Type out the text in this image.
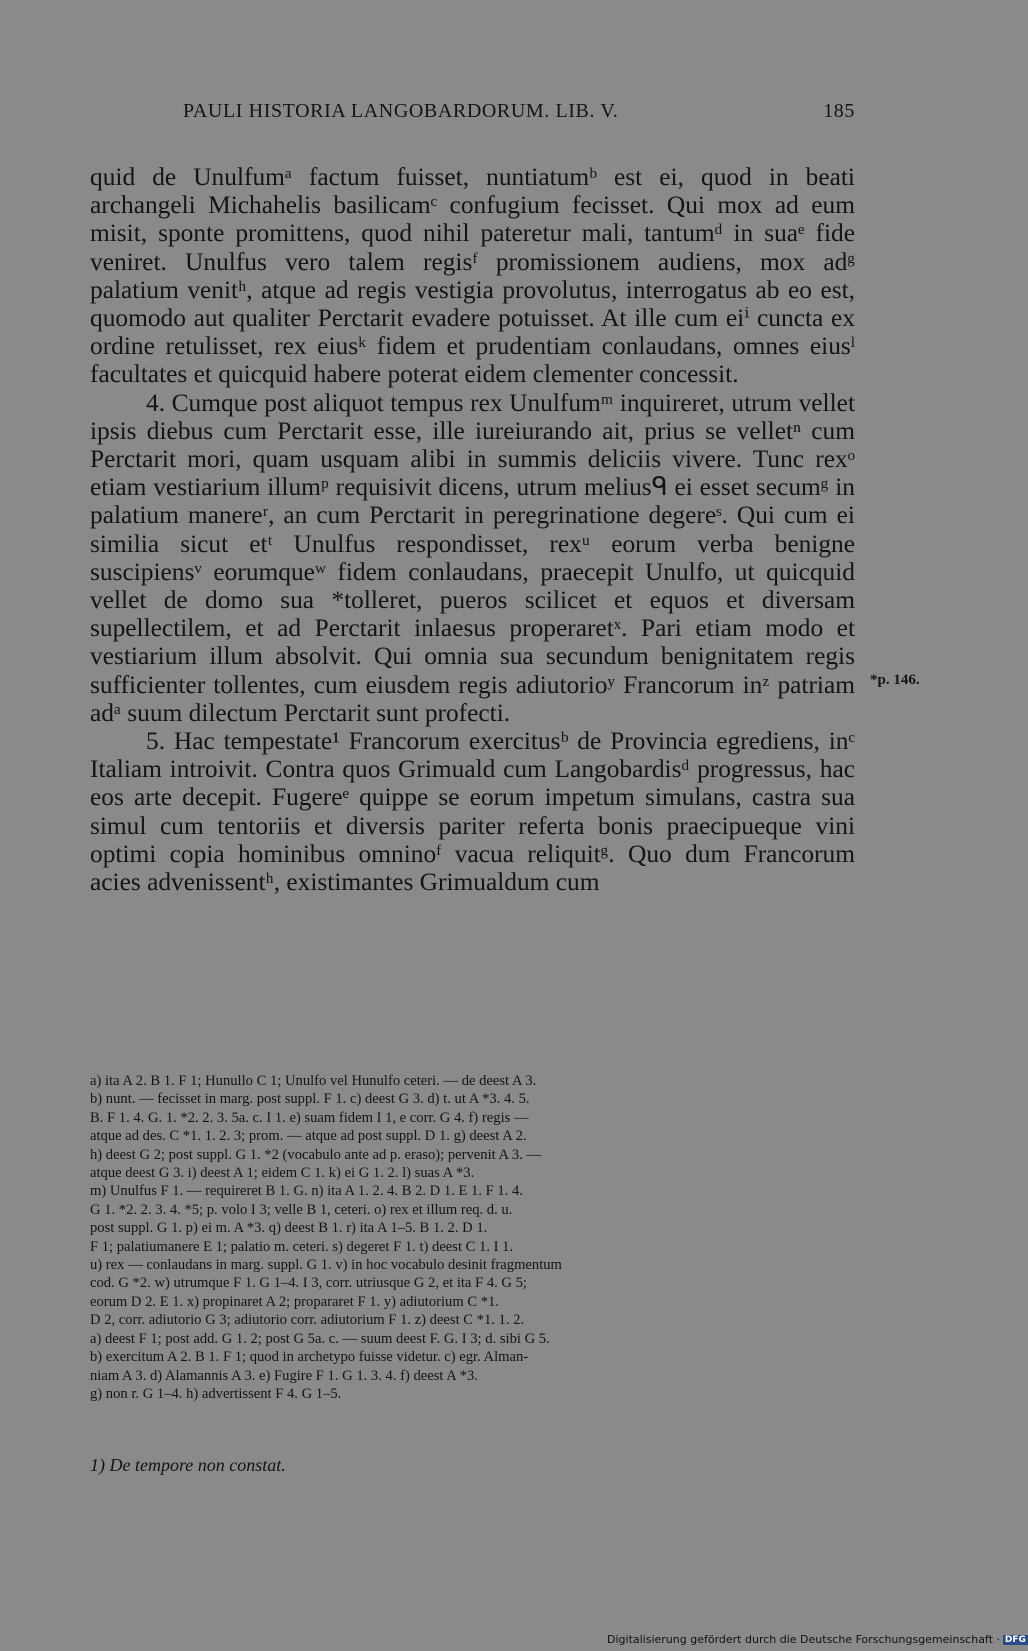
PAULI HISTORIA LANGOBARDORUM. LIB. V.	185

quid de Unulfumᵃ factum fuisset, nuntiatumᵇ est ei, quod in beati archangeli Michahelis basilicamᶜ confugium fecisset. Qui mox ad eum misit, sponte promittens, quod nihil pateretur mali, tantumᵈ in suaᵉ fide veniret. Unulfus vero talem regisᶠ promissionem audiens, mox adᵍ palatium venitʰ, atque ad regis vestigia provolutus, interrogatus ab eo est, quomodo aut qualiter Perctarit evadere potuisset. At ille cum eiⁱ cuncta ex ordine retulisset, rex eiusᵏ fidem et prudentiam conlaudans, omnes eiusˡ facultates et quicquid habere poterat eidem clementer concessit.

4. Cumque post aliquot tempus rex Unulfumᵐ inquireret, utrum vellet ipsis diebus cum Perctarit esse, ille iureiurando ait, prius se velletⁿ cum Perctarit mori, quam usquam alibi in summis deliciis vivere. Tunc rexᵒ etiam vestiarium illumᵖ requisivit dicens, utrum meliusᑫ ei esset secumᵍ in palatium manereʳ, an cum Perctarit in peregrinatione degereˢ. Qui cum ei similia sicut etᵗ Unulfus respondisset, rexᵘ eorum verba benigne suscipiensᵛ eorumqueʷ fidem conlaudans, praecepit Unulfo, ut quicquid vellet de domo sua *tolleret, pueros scilicet et equos et diversam supellectilem, et ad Perctarit inlaesus properaretˣ. Pari etiam modo et vestiarium illum absolvit. Qui omnia sua secundum benignitatem regis sufficienter tollentes, cum eiusdem regis adiutorioʸ Francorum inᶻ patriam adᵃ suum dilectum Perctarit sunt profecti.

5. Hac tempestate¹ Francorum exercitusᵇ de Provincia egrediens, inᶜ Italiam introivit. Contra quos Grimuald cum Langobardisᵈ progressus, hac eos arte decepit. Fugereᵉ quippe se eorum impetum simulans, castra sua simul cum tentoriis et diversis pariter referta bonis praecipueque vini optimi copia hominibus omninoᶠ vacua reliquitᵍ. Quo dum Francorum acies advenissentʰ, existimantes Grimualdum cum

*p. 146.

a) ita A 2. B 1. F 1; Hunullo C 1; Unulfo vel Hunulfo ceteri. — de deest A 3.

b) nunt. — fecisset in marg. post suppl. F 1. c) deest G 3. d) t. ut A *3. 4. 5.

B. F 1. 4. G. 1. *2. 2. 3. 5a. c. I 1. e) suam fidem I 1, e corr. G 4. f) regis —

atque ad des. C *1. 1. 2. 3; prom. — atque ad post suppl. D 1. g) deest A 2.

h) deest G 2; post suppl. G 1. *2 (vocabulo ante ad p. eraso); pervenit A 3. —

atque deest G 3. i) deest A 1; eidem C 1. k) ei G 1. 2. l) suas A *3.

m) Unulfus F 1. — requireret B 1. G. n) ita A 1. 2. 4. B 2. D 1. E 1. F 1. 4.

G 1. *2. 2. 3. 4. *5; p. volo I 3; velle B 1, ceteri. o) rex et illum req. d. u.

post suppl. G 1. p) ei m. A *3. q) deest B 1. r) ita A 1–5. B 1. 2. D 1.

F 1; palatiumanere E 1; palatio m. ceteri. s) degeret F 1. t) deest C 1. I 1.

u) rex — conlaudans in marg. suppl. G 1. v) in hoc vocabulo desinit fragmentum

cod. G *2. w) utrumque F 1. G 1–4. I 3, corr. utriusque G 2, et ita F 4. G 5;

eorum D 2. E 1. x) propinaret A 2; propararet F 1. y) adiutorium C *1.

D 2, corr. adiutorio G 3; adiutorio corr. adiutorium F 1. z) deest C *1. 1. 2.

a) deest F 1; post add. G 1. 2; post G 5a. c. — suum deest F. G. I 3; d. sibi G 5.

b) exercitum A 2. B 1. F 1; quod in archetypo fuisse videtur. c) egr. Alman-

niam A 3. d) Alamannis A 3. e) Fugire F 1. G 1. 3. 4. f) deest A *3.

g) non r. G 1–4. h) advertissent F 4. G 1–5.

1) De tempore non constat.
Digitalisierung gefördert durch die Deutsche Forschungsgemeinschaft · DFG
